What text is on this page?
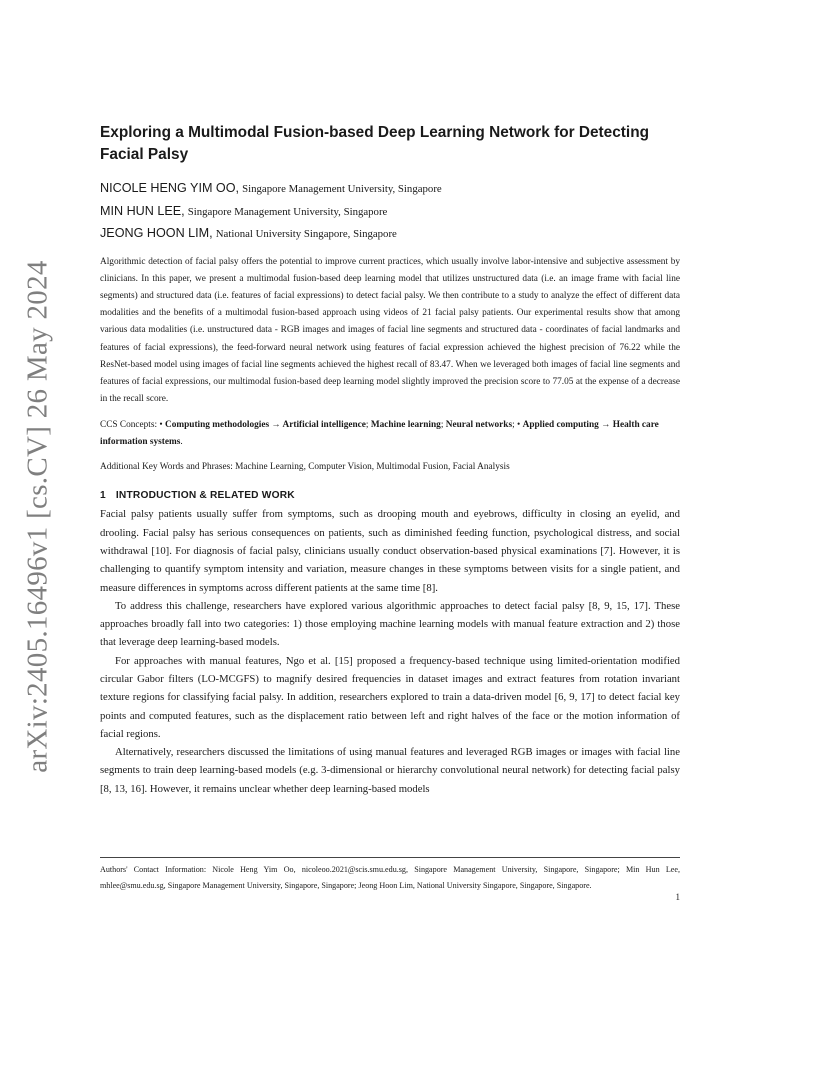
arXiv:2405.16496v1 [cs.CV] 26 May 2024
Exploring a Multimodal Fusion-based Deep Learning Network for Detecting Facial Palsy
NICOLE HENG YIM OO, Singapore Management University, Singapore
MIN HUN LEE, Singapore Management University, Singapore
JEONG HOON LIM, National University Singapore, Singapore

Algorithmic detection of facial palsy offers the potential to improve current practices, which usually involve labor-intensive and subjective assessment by clinicians. In this paper, we present a multimodal fusion-based deep learning model that utilizes unstructured data (i.e. an image frame with facial line segments) and structured data (i.e. features of facial expressions) to detect facial palsy. We then contribute to a study to analyze the effect of different data modalities and the benefits of a multimodal fusion-based approach using videos of 21 facial palsy patients. Our experimental results show that among various data modalities (i.e. unstructured data - RGB images and images of facial line segments and structured data - coordinates of facial landmarks and features of facial expressions), the feed-forward neural network using features of facial expression achieved the highest precision of 76.22 while the ResNet-based model using images of facial line segments achieved the highest recall of 83.47. When we leveraged both images of facial line segments and features of facial expressions, our multimodal fusion-based deep learning model slightly improved the precision score to 77.05 at the expense of a decrease in the recall score.

CCS Concepts: • Computing methodologies → Artificial intelligence; Machine learning; Neural networks; • Applied computing → Health care information systems.

Additional Key Words and Phrases: Machine Learning, Computer Vision, Multimodal Fusion, Facial Analysis

1 INTRODUCTION & RELATED WORK

Facial palsy patients usually suffer from symptoms, such as drooping mouth and eyebrows, difficulty in closing an eyelid, and drooling. Facial palsy has serious consequences on patients, such as diminished feeding function, psychological distress, and social withdrawal [10]. For diagnosis of facial palsy, clinicians usually conduct observation-based physical examinations [7]. However, it is challenging to quantify symptom intensity and variation, measure changes in these symptoms between visits for a single patient, and measure differences in symptoms across different patients at the same time [8].

To address this challenge, researchers have explored various algorithmic approaches to detect facial palsy [8, 9, 15, 17]. These approaches broadly fall into two categories: 1) those employing machine learning models with manual feature extraction and 2) those that leverage deep learning-based models.

For approaches with manual features, Ngo et al. [15] proposed a frequency-based technique using limited-orientation modified circular Gabor filters (LO-MCGFS) to magnify desired frequencies in dataset images and extract features from rotation invariant texture regions for classifying facial palsy. In addition, researchers explored to train a data-driven model [6, 9, 17] to detect facial key points and computed features, such as the displacement ratio between left and right halves of the face or the motion information of facial regions.

Alternatively, researchers discussed the limitations of using manual features and leveraged RGB images or images with facial line segments to train deep learning-based models (e.g. 3-dimensional or hierarchy convolutional neural network) for detecting facial palsy [8, 13, 16]. However, it remains unclear whether deep learning-based models

Authors' Contact Information: Nicole Heng Yim Oo, nicoleoo.2021@scis.smu.edu.sg, Singapore Management University, Singapore, Singapore; Min Hun Lee, mhlee@smu.edu.sg, Singapore Management University, Singapore, Singapore; Jeong Hoon Lim, National University Singapore, Singapore, Singapore.
1
